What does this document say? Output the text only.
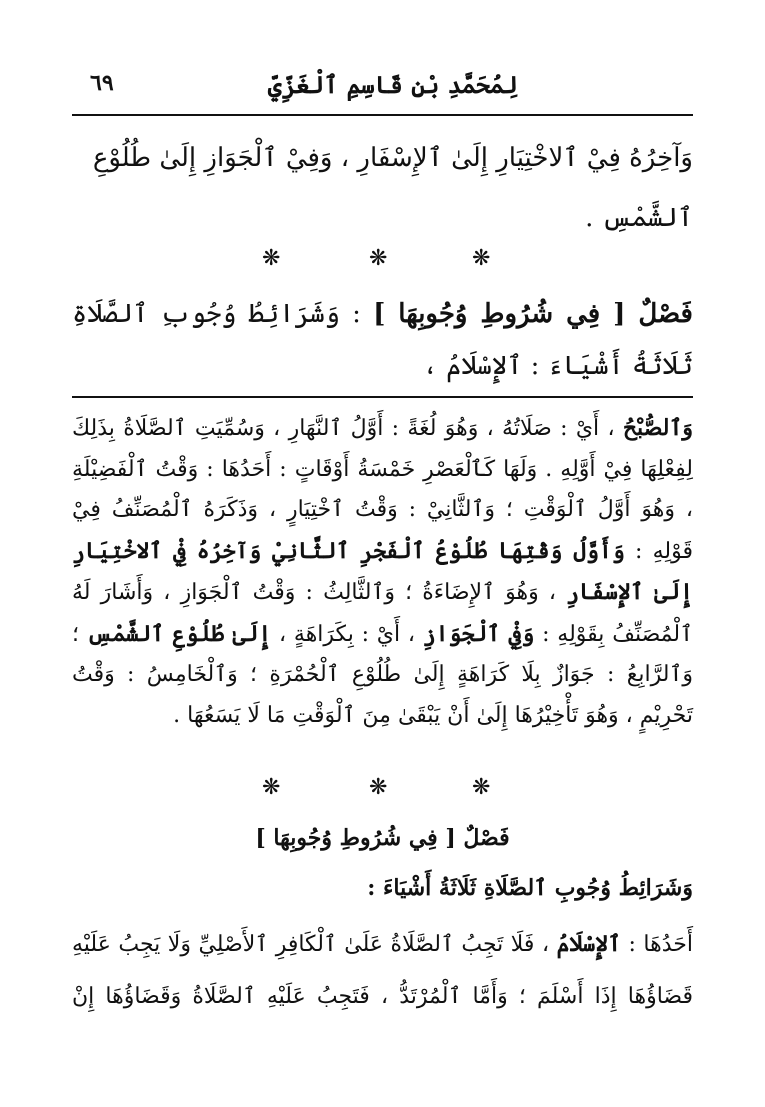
لِمُحَمَّدِ بْنِ قَاسِمِ ٱلْغَزِّيِّ
٦٩
وَآخِرُهُ فِيْ ٱلاخْتِيَارِ إِلَىٰ ٱلإِسْفَارِ ، وَفِيْ ٱلْجَوَازِ إِلَىٰ طُلُوْعِ
ٱلشَّمْسِ .
❋	❋	❋
فَصْلٌ [ فِي شُرُوطِ وُجُوبِهَا ] : وَشَرَائِطُ وُجُوبِ ٱلصَّلَاةِ ثَلَاثَةُ أَشْيَاءَ : ٱلإِسْلَامُ ،
وَٱلصُّبْحُ ، أَيْ : صَلَاتُهُ ، وَهُوَ لُغَةً : أَوَّلُ ٱلنَّهَارِ ، وَسُمِّيَتِ ٱلصَّلَاةُ بِذَلِكَ لِفِعْلِهَا فِيْ أَوَّلِهِ . وَلَهَا كَٱلْعَصْرِ خَمْسَةُ أَوْقَاتٍ : أَحَدُهَا : وَقْتُ ٱلْفَضِيْلَةِ ، وَهُوَ أَوَّلُ ٱلْوَقْتِ ؛ وَٱلثَّانِيْ : وَقْتُ ٱخْتِيَارٍ ، وَذَكَرَهُ ٱلْمُصَنِّفُ فِيْ قَوْلِهِ : وَأَوَّلُ وَقْتِهَا طُلُوْعُ ٱلْفَجْرِ ٱلثَّانِيْ وَآخِرُهُ فِيْ ٱلاخْتِيَارِ إِلَىٰ ٱلإِسْفَارِ ، وَهُوَ ٱلإِضَاءَةُ ؛ وَٱلثَّالِثُ : وَقْتُ ٱلْجَوَازِ ، وَأَشَارَ لَهُ ٱلْمُصَنِّفُ بِقَوْلِهِ : وَفِيْ ٱلْجَوَازِ ، أَيْ : بِكَرَاهَةٍ ، إِلَىٰ طُلُوْعِ ٱلشَّمْسِ ؛ وَٱلرَّابِعُ : جَوَازٌ بِلَا كَرَاهَةٍ إِلَىٰ طُلُوْعِ ٱلْحُمْرَةِ ؛ وَٱلْخَامِسُ : وَقْتُ تَحْرِيْمٍ ، وَهُوَ تَأْخِيْرُهَا إِلَىٰ أَنْ يَبْقَىٰ مِنَ ٱلْوَقْتِ مَا لَا يَسَعُهَا .
❋	❋	❋
فَصْلٌ [ فِي شُرُوطِ وُجُوبِهَا ]
وَشَرَائِطُ وُجُوبِ ٱلصَّلَاةِ ثَلَاثَةُ أَشْيَاءَ :
أَحَدُهَا : ٱلإِسْلَامُ ، فَلَا تَجِبُ ٱلصَّلَاةُ عَلَىٰ ٱلْكَافِرِ ٱلأَصْلِيِّ وَلَا يَجِبُ عَلَيْهِ قَضَاؤُهَا إِذَا أَسْلَمَ ؛ وَأَمَّا ٱلْمُرْتَدُّ ، فَتَجِبُ عَلَيْهِ ٱلصَّلَاةُ وَقَضَاؤُهَا إِنْ
